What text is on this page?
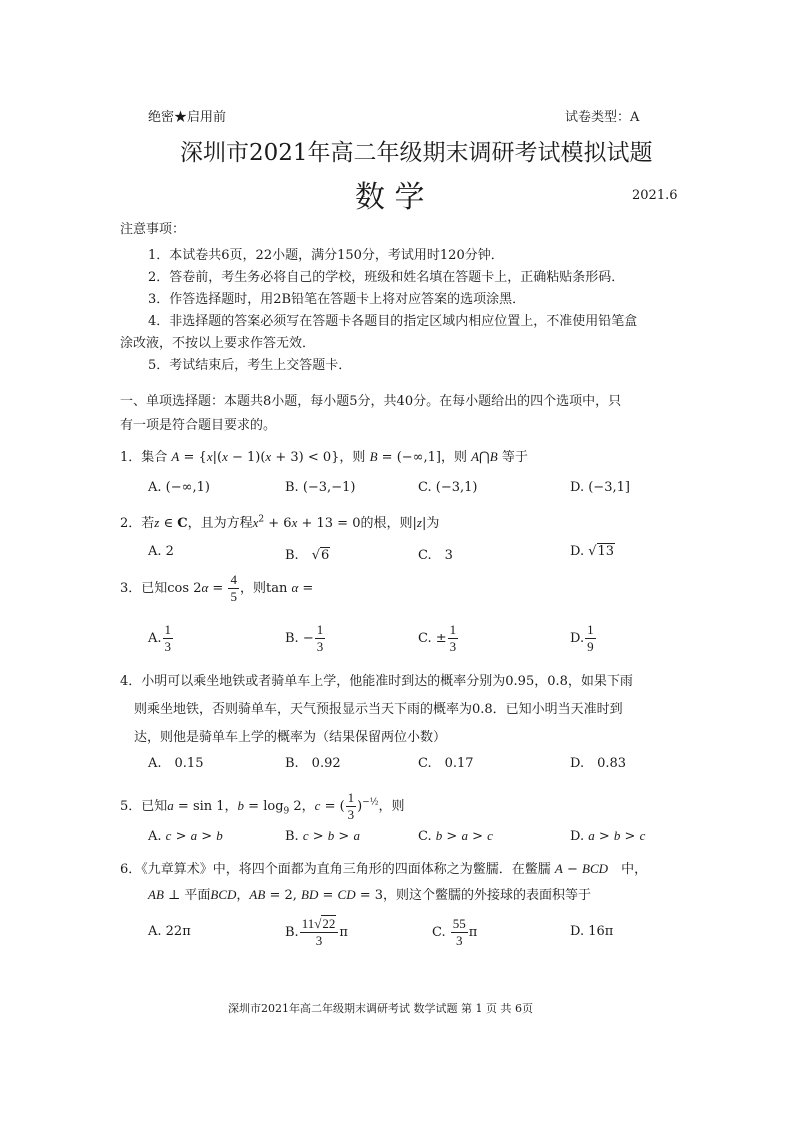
绝密★启用前	试卷类型：A
深圳市2021年高二年级期末调研考试模拟试题
数 学	2021.6
注意事项：
1．本试卷共6页，22小题，满分150分，考试用时120分钟．
2．答卷前，考生务必将自己的学校，班级和姓名填在答题卡上，正确粘贴条形码．
3．作答选择题时，用2B铅笔在答题卡上将对应答案的选项涂黑．
4．非选择题的答案必须写在答题卡各题目的指定区域内相应位置上，不准使用铅笔盒
涂改液，不按以上要求作答无效．
5．考试结束后，考生上交答题卡．
一、单项选择题：本题共8小题，每小题5分，共40分。在每小题给出的四个选项中，只
有一项是符合题目要求的。
1．集合 A = {x|(x − 1)(x + 3) < 0}，则 B = (−∞,1]，则 A⋂B 等于
A. (−∞,1)	B. (−3,−1)	C. (−3,1)	D. (−3,1]
2．若z ∈ C，且为方程$x^2 + 6x + 13 = 0$的根，则|z|为
A. 2	B.　√6	C.　3	D. √13
3．已知$\cos 2\alpha = \frac{4}{5}$ ，则tan α =
A. $\frac{1}{3}$	B. − $\frac{1}{3}$	C. ± $\frac{1}{3}$	D. $\frac{1}{9}$
4．小明可以乘坐地铁或者骑单车上学，他能准时到达的概率分别为0.95，0.8，如果下雨
则乘坐地铁，否则骑单车，天气预报显示当天下雨的概率为0.8．已知小明当天准时到
达，则他是骑单车上学的概率为（结果保留两位小数）
A.　0.15	B.　0.92	C.　0.17	D.　0.83
5．已知a = sin 1，$b = \log_9 2$，c = ( $\frac{1}{3} )^{-\frac{1}{2}}$，则
A. c > a > b	B. c > b > a	C. b > a > c	D. a > b > c
6．《九章算术》中，将四个面都为直角三角形的四面体称之为鳖臑．在鳖臑 A − BCD　 中，
AB ⊥ 平面BCD，AB = 2, BD = CD = 3，则这个鳖臑的外接球的表面积等于
A. 22π	B. $\frac{11√22}{3}$ π	C. $\frac{55}{3}$ π	D. 16π
深圳市2021年高二年级期末调研考试 数学试题 第 1 页 共 6页
